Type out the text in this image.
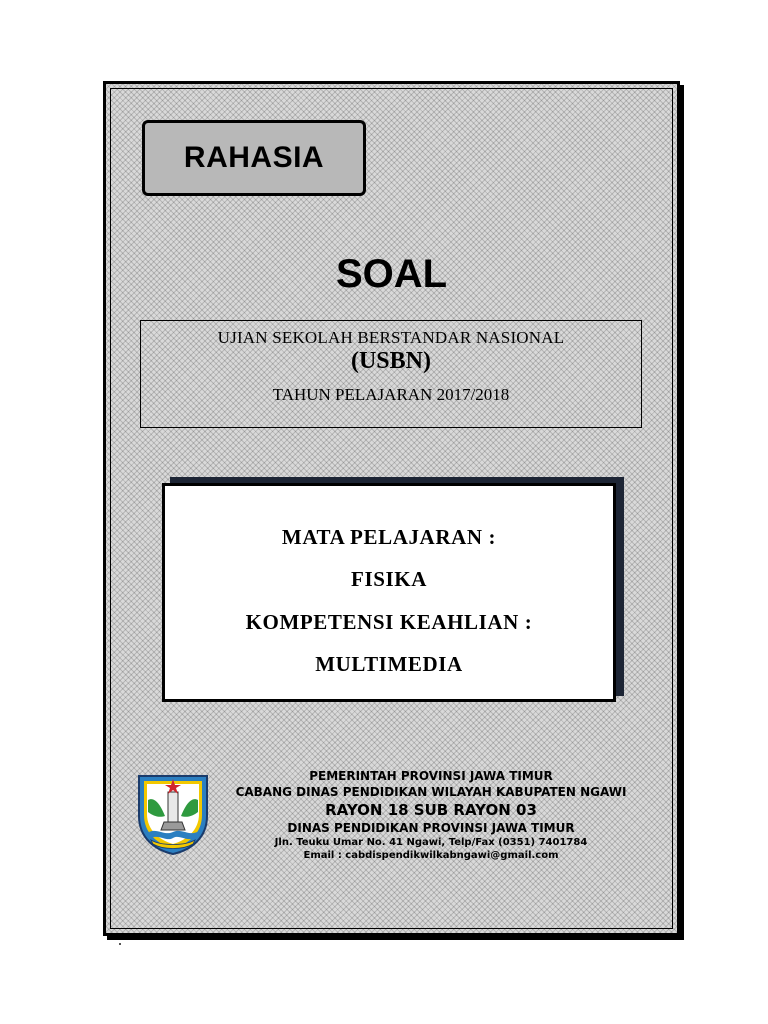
RAHASIA
SOAL
UJIAN SEKOLAH BERSTANDAR NASIONAL
(USBN)
TAHUN PELAJARAN 2017/2018
MATA PELAJARAN :
FISIKA
KOMPETENSI KEAHLIAN :
MULTIMEDIA
PEMERINTAH PROVINSI JAWA TIMUR
CABANG DINAS PENDIDIKAN WILAYAH KABUPATEN NGAWI
RAYON 18 SUB RAYON 03
DINAS PENDIDIKAN PROVINSI JAWA TIMUR
Jln. Teuku Umar No. 41 Ngawi, Telp/Fax (0351) 7401784
Email : cabdispendikwilkabngawi@gmail.com
